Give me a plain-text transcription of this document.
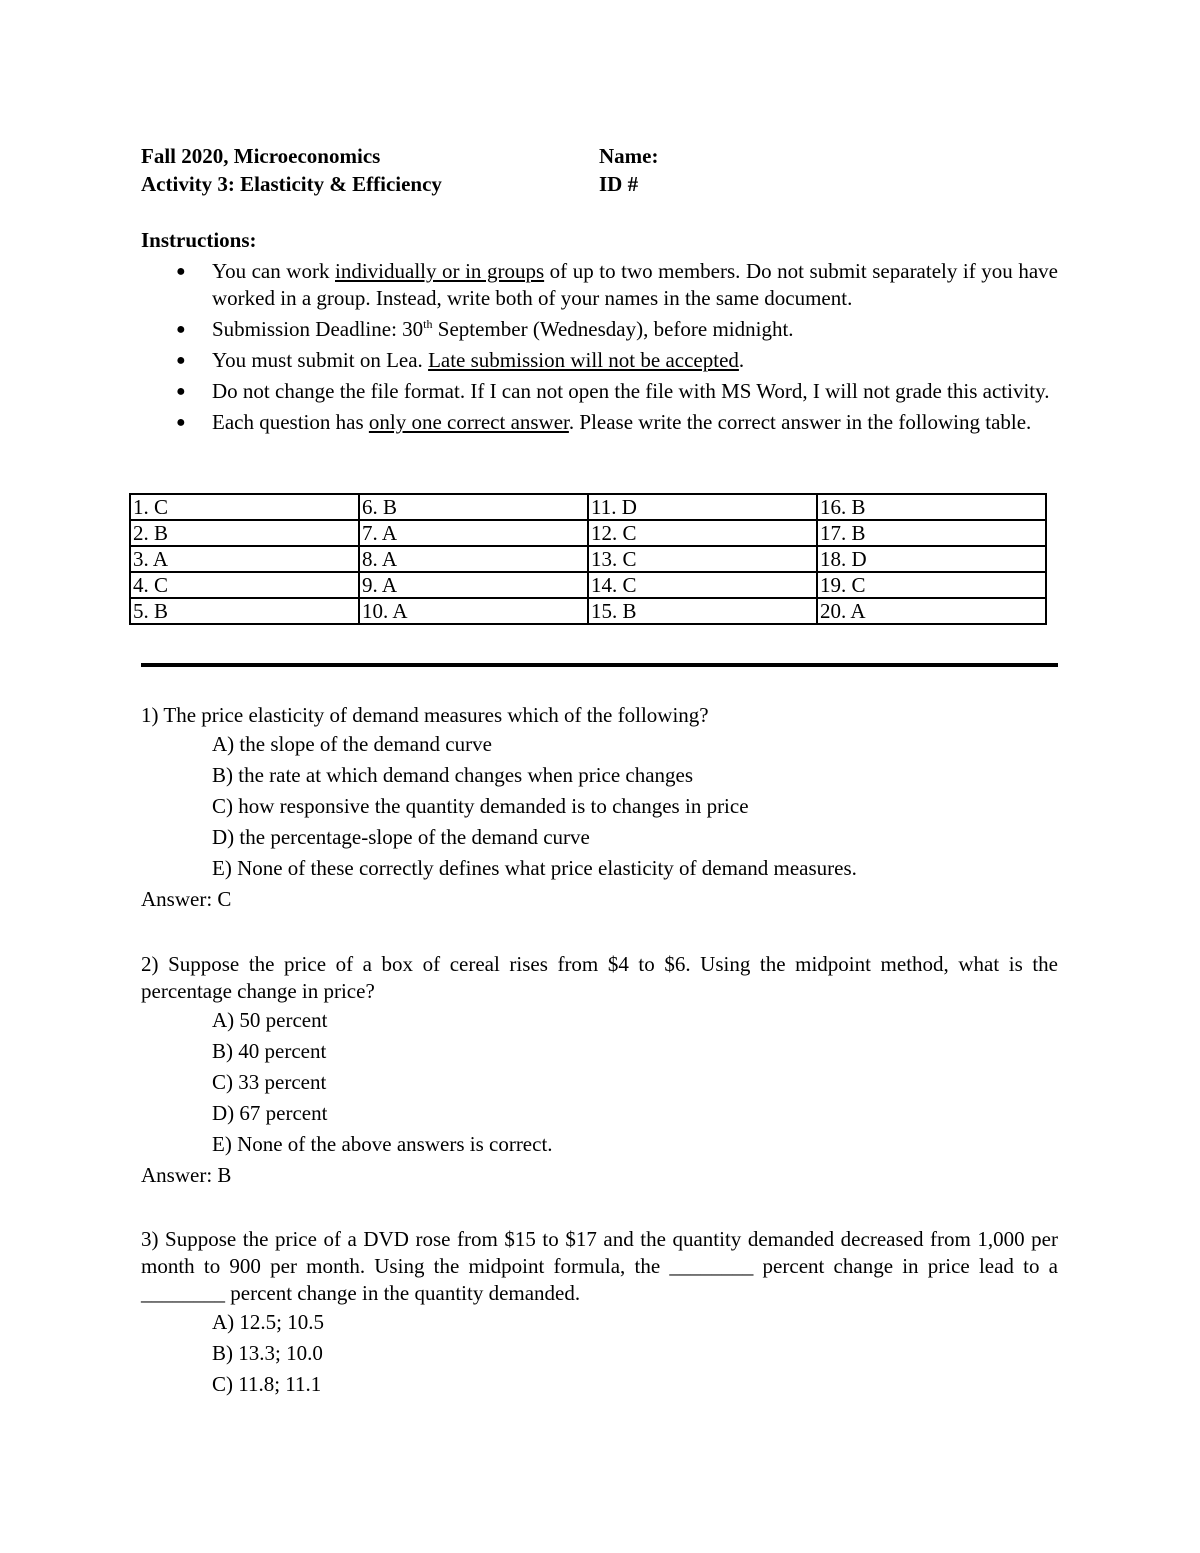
Fall 2020, Microeconomics
Activity 3: Elasticity & Efficiency
Name:
ID #
Instructions:
● You can work individually or in groups of up to two members. Do not submit separately if you have worked in a group. Instead, write both of your names in the same document.
● Submission Deadline: 30th September (Wednesday), before midnight.
● You must submit on Lea. Late submission will not be accepted.
● Do not change the file format. If I can not open the file with MS Word, I will not grade this activity.
● Each question has only one correct answer. Please write the correct answer in the following table.
1. C	6. B	11. D	16. B
2. B	7. A	12. C	17. B
3. A	8. A	13. C	18. D
4. C	9. A	14. C	19. C
5. B	10. A	15. B	20. A
1) The price elasticity of demand measures which of the following?
A) the slope of the demand curve
B) the rate at which demand changes when price changes
C) how responsive the quantity demanded is to changes in price
D) the percentage-slope of the demand curve
E) None of these correctly defines what price elasticity of demand measures.
Answer: C
2) Suppose the price of a box of cereal rises from $4 to $6. Using the midpoint method, what is the percentage change in price?
A) 50 percent
B) 40 percent
C) 33 percent
D) 67 percent
E) None of the above answers is correct.
Answer: B
3) Suppose the price of a DVD rose from $15 to $17 and the quantity demanded decreased from 1,000 per month to 900 per month. Using the midpoint formula, the ________ percent change in price lead to a ________ percent change in the quantity demanded.
A) 12.5; 10.5
B) 13.3; 10.0
C) 11.8; 11.1
